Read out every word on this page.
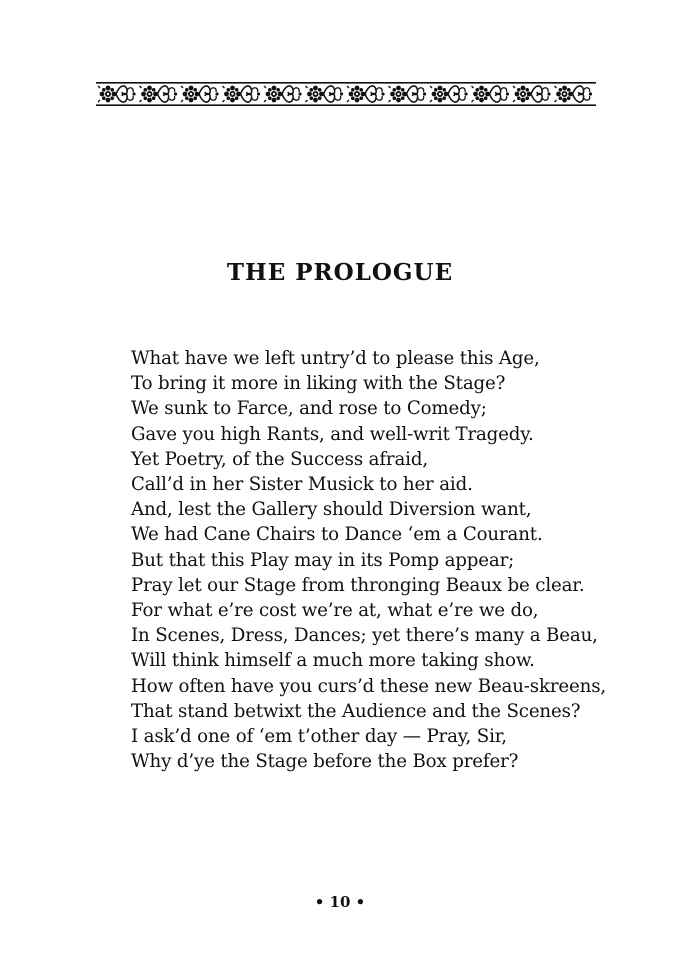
THE PROLOGUE
What have we left untry’d to please this Age,
To bring it more in liking with the Stage?
We sunk to Farce, and rose to Comedy;
Gave you high Rants, and well-writ Tragedy.
Yet Poetry, of the Success afraid,
Call’d in her Sister Musick to her aid.
And, lest the Gallery should Diversion want,
We had Cane Chairs to Dance ‘em a Courant.
But that this Play may in its Pomp appear;
Pray let our Stage from thronging Beaux be clear.
For what e’re cost we’re at, what e’re we do,
In Scenes, Dress, Dances; yet there’s many a Beau,
Will think himself a much more taking show.
How often have you curs’d these new Beau-skreens,
That stand betwixt the Audience and the Scenes?
I ask’d one of ‘em t’other day — Pray, Sir,
Why d’ye the Stage before the Box prefer?
• 10 •
